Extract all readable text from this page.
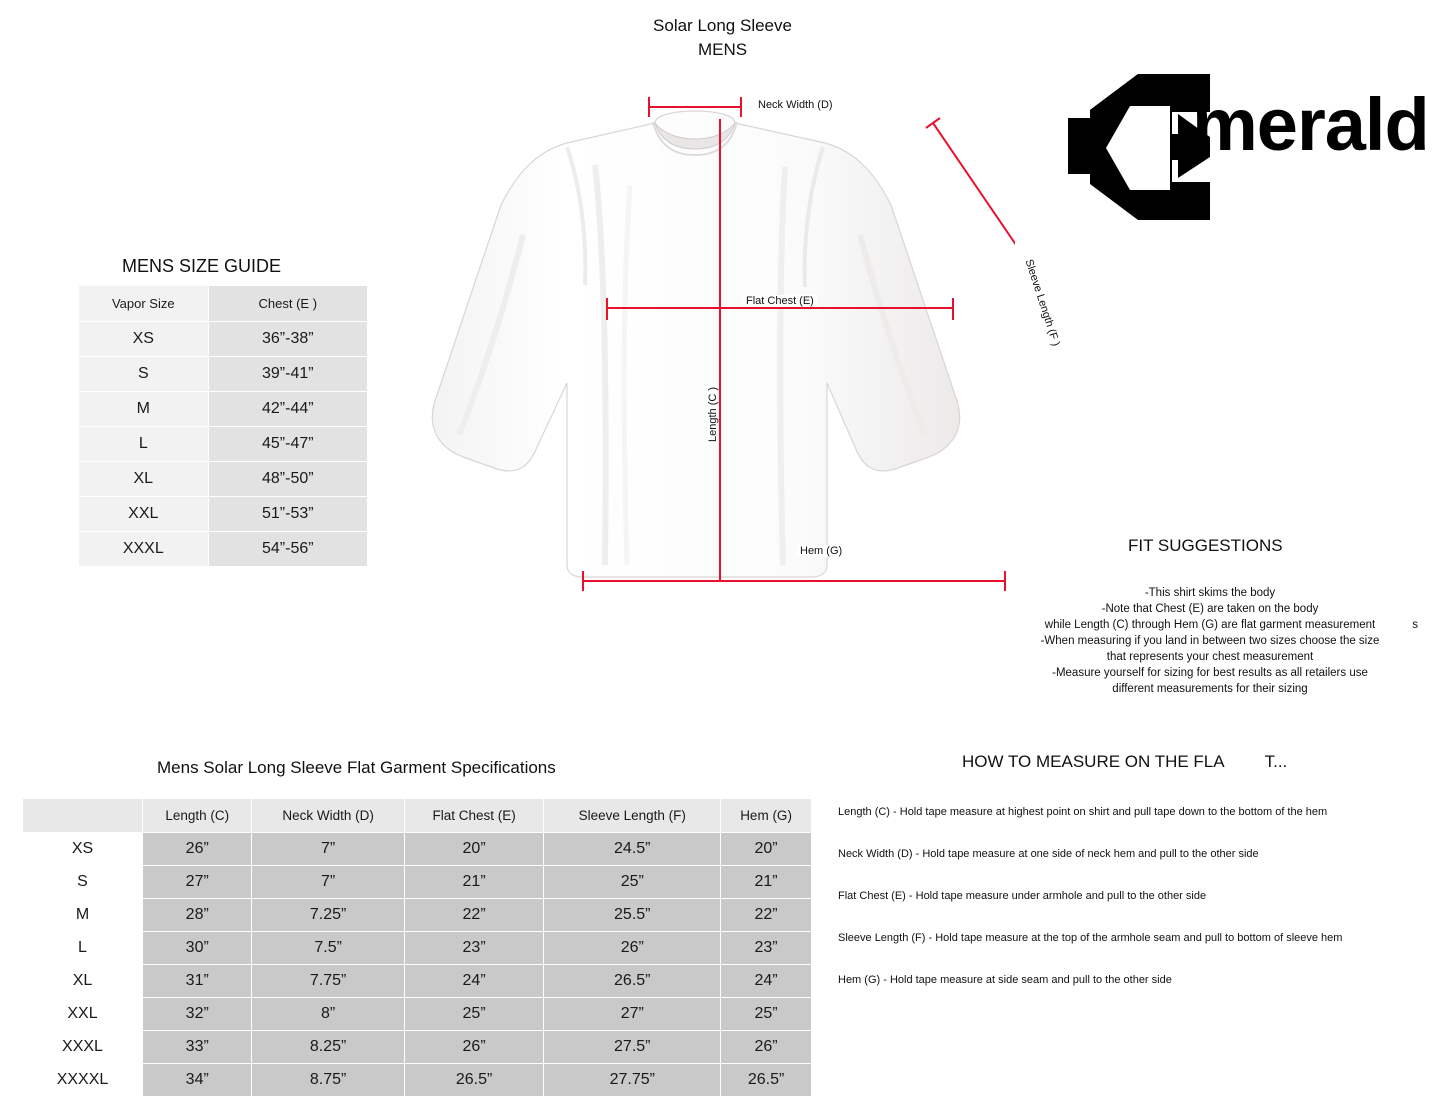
Solar Long Sleeve
MENS
merald
MENS SIZE GUIDE
Vapor Size	Chest (E )
XS	36”-38”
S	39”-41”
M	42”-44”
L	45”-47”
XL	48”-50”
XXL	51”-53”
XXXL	54”-56”
Neck Width (D)
Flat Chest (E)
Length (C )
Hem (G)
Sleeve Length (F )
FIT SUGGESTIONS
-This shirt skims the body
-Note that Chest (E) are taken on the body
while Length (C) through Hem (G) are flat garment measurement
-When measuring if you land in between two sizes choose the size
that represents your chest measurement
-Measure yourself for sizing for best results as all retailers use
different measurements for their sizing
s
Mens Solar Long Sleeve Flat Garment Specifications
	Length (C)	Neck Width (D)	Flat Chest (E)	Sleeve Length (F)	Hem (G)
XS	26”	7”	20”	24.5”	20”
S	27”	7”	21”	25”	21”
M	28”	7.25”	22”	25.5”	22”
L	30”	7.5”	23”	26”	23”
XL	31”	7.75”	24”	26.5”	24”
XXL	32”	8”	25”	27”	25”
XXXL	33”	8.25”	26”	27.5”	26”
XXXXL	34”	8.75”	26.5”	27.75”	26.5”
HOW TO MEASURE ON THE FLA T...
Length (C) - Hold tape measure at highest point on shirt and pull tape down to the bottom of the hem
Neck Width (D) - Hold tape measure at one side of neck hem and pull to the other side
Flat Chest (E) - Hold tape measure under armhole and pull to the other side
Sleeve Length (F) - Hold tape measure at the top of the armhole seam and pull to bottom of sleeve hem
Hem (G) - Hold tape measure at side seam and pull to the other side
